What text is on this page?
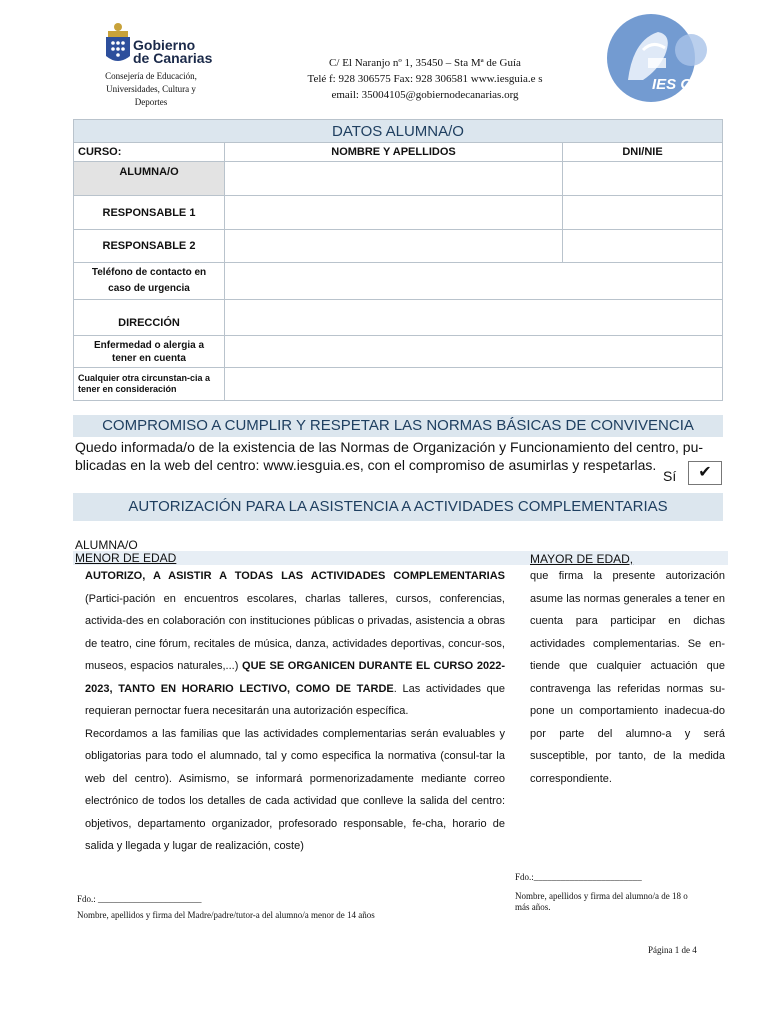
Gobierno
de Canarias
Consejería de Educación, Universidades, Cultura y Deportes
C/ El Naranjo nº 1, 35450 – Sta Mª de Guía
Telé f: 928 306575 Fax: 928 306581 www.iesguia.e s
email: 35004105@gobiernodecanarias.org
IES GUÍA
DATOS ALUMNA/O		
CURSO:	NOMBRE Y APELLIDOS	DNI/NIE
ALUMNA/O		
RESPONSABLE 1		
RESPONSABLE 2		
Teléfono de contacto en caso de urgencia		
DIRECCIÓN		
Enfermedad o alergia a tener en cuenta		
Cualquier otra circunstan-cia a tener en consideración		
COMPROMISO A CUMPLIR Y RESPETAR LAS NORMAS BÁSICAS DE CONVIVENCIA
Quedo informada/o de la existencia de las Normas de Organización y Funcionamiento del centro, pu-blicadas en la web del centro: www.iesguia.es, con el compromiso de asumirlas y respetarlas.
Sí	✔
AUTORIZACIÓN PARA LA ASISTENCIA A ACTIVIDADES COMPLEMENTARIAS
ALUMNA/O
MENOR DE EDAD	MAYOR DE EDAD,
AUTORIZO, A ASISTIR A TODAS LAS ACTIVIDADES COMPLEMENTARIAS (Partici-pación en encuentros escolares, charlas talleres, cursos, conferencias, activida-des en colaboración con instituciones públicas o privadas, asistencia a obras de teatro, cine fórum, recitales de música, danza, actividades deportivas, concur-sos, museos, espacios naturales,...) QUE SE ORGANICEN DURANTE EL CURSO 2022-2023, TANTO EN HORARIO LECTIVO, COMO DE TARDE. Las actividades que requieran pernoctar fuera necesitarán una autorización específica.
Recordamos a las familias que las actividades complementarias serán evaluables y obligatorias para todo el alumnado, tal y como especifica la normativa (consul-tar la web del centro). Asimismo, se informará pormenorizadamente mediante correo electrónico de todos los detalles de cada actividad que conlleve la salida del centro: objetivos, departamento organizador, profesorado responsable, fe-cha, horario de salida y llegada y lugar de realización, coste)
que firma la presente autorización asume las normas generales a tener en cuenta para participar en dichas actividades complementarias. Se en-tiende que cualquier actuación que contravenga las referidas normas su-pone un comportamiento inadecua-do por parte del alumno-a y será susceptible, por tanto, de la medida correspondiente.
Fdo.:________________________
Nombre, apellidos y firma del alumno/a de 18 o más años.
Fdo.: _______________________
Nombre, apellidos y firma del Madre/padre/tutor-a del alumno/a menor de 14 años
Página 1 de 4
